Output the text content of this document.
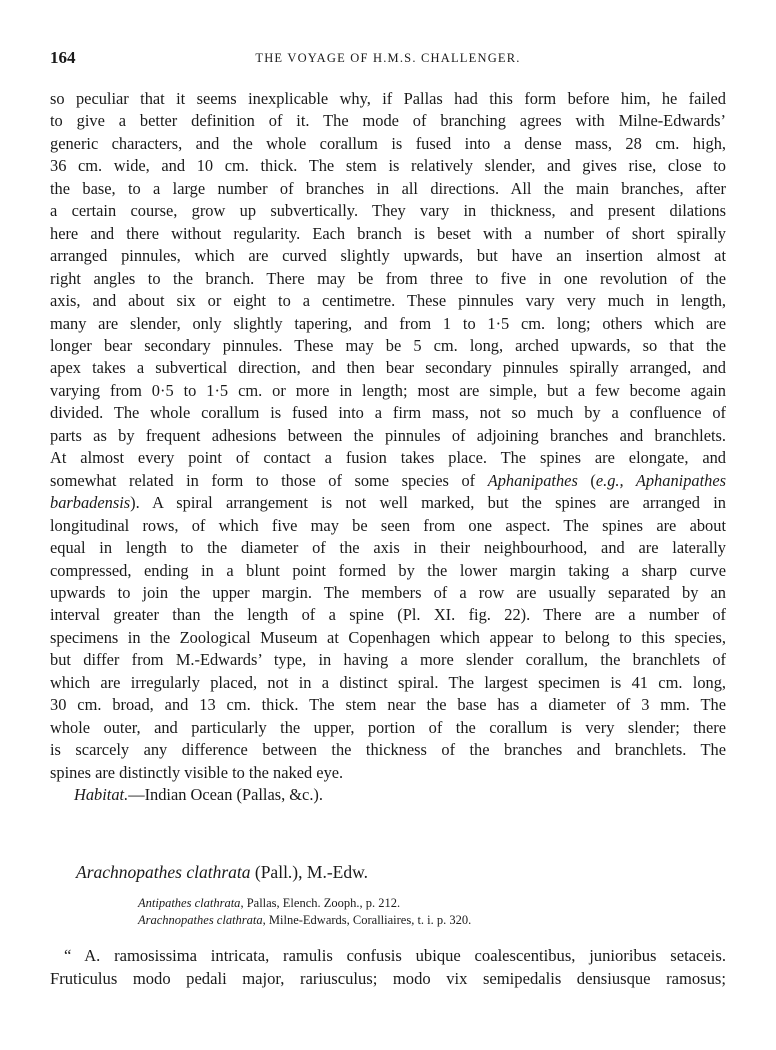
164	THE VOYAGE OF H.M.S. CHALLENGER.

so peculiar that it seems inexplicable why, if Pallas had this form before him, he failed
to give a better definition of it. The mode of branching agrees with Milne-Edwards’
generic characters, and the whole corallum is fused into a dense mass, 28 cm. high,
36 cm. wide, and 10 cm. thick. The stem is relatively slender, and gives rise, close to
the base, to a large number of branches in all directions. All the main branches, after
a certain course, grow up subvertically. They vary in thickness, and present dilations
here and there without regularity. Each branch is beset with a number of short spirally
arranged pinnules, which are curved slightly upwards, but have an insertion almost at
right angles to the branch. There may be from three to five in one revolution of the
axis, and about six or eight to a centimetre. These pinnules vary very much in length,
many are slender, only slightly tapering, and from 1 to 1·5 cm. long; others which are
longer bear secondary pinnules. These may be 5 cm. long, arched upwards, so that the
apex takes a subvertical direction, and then bear secondary pinnules spirally arranged, and
varying from 0·5 to 1·5 cm. or more in length; most are simple, but a few become again
divided. The whole corallum is fused into a firm mass, not so much by a confluence of
parts as by frequent adhesions between the pinnules of adjoining branches and branchlets.
At almost every point of contact a fusion takes place. The spines are elongate, and
somewhat related in form to those of some species of Aphanipathes (e.g., Aphanipathes
barbadensis). A spiral arrangement is not well marked, but the spines are arranged in
longitudinal rows, of which five may be seen from one aspect. The spines are about
equal in length to the diameter of the axis in their neighbourhood, and are laterally
compressed, ending in a blunt point formed by the lower margin taking a sharp curve
upwards to join the upper margin. The members of a row are usually separated by an
interval greater than the length of a spine (Pl. XI. fig. 22). There are a number of
specimens in the Zoological Museum at Copenhagen which appear to belong to this species,
but differ from M.-Edwards’ type, in having a more slender corallum, the branchlets of
which are irregularly placed, not in a distinct spiral. The largest specimen is 41 cm. long,
30 cm. broad, and 13 cm. thick. The stem near the base has a diameter of 3 mm. The
whole outer, and particularly the upper, portion of the corallum is very slender; there
is scarcely any difference between the thickness of the branches and branchlets. The
spines are distinctly visible to the naked eye.

Habitat.—Indian Ocean (Pallas, &c.).

Arachnopathes clathrata (Pall.), M.-Edw.
Antipathes clathrata, Pallas, Elench. Zooph., p. 212.
Arachnopathes clathrata, Milne-Edwards, Coralliaires, t. i. p. 320.
“ A. ramosissima intricata, ramulis confusis ubique coalescentibus, junioribus setaceis.
Fruticulus modo pedali major, rariusculus; modo vix semipedalis densiusque ramosus;
